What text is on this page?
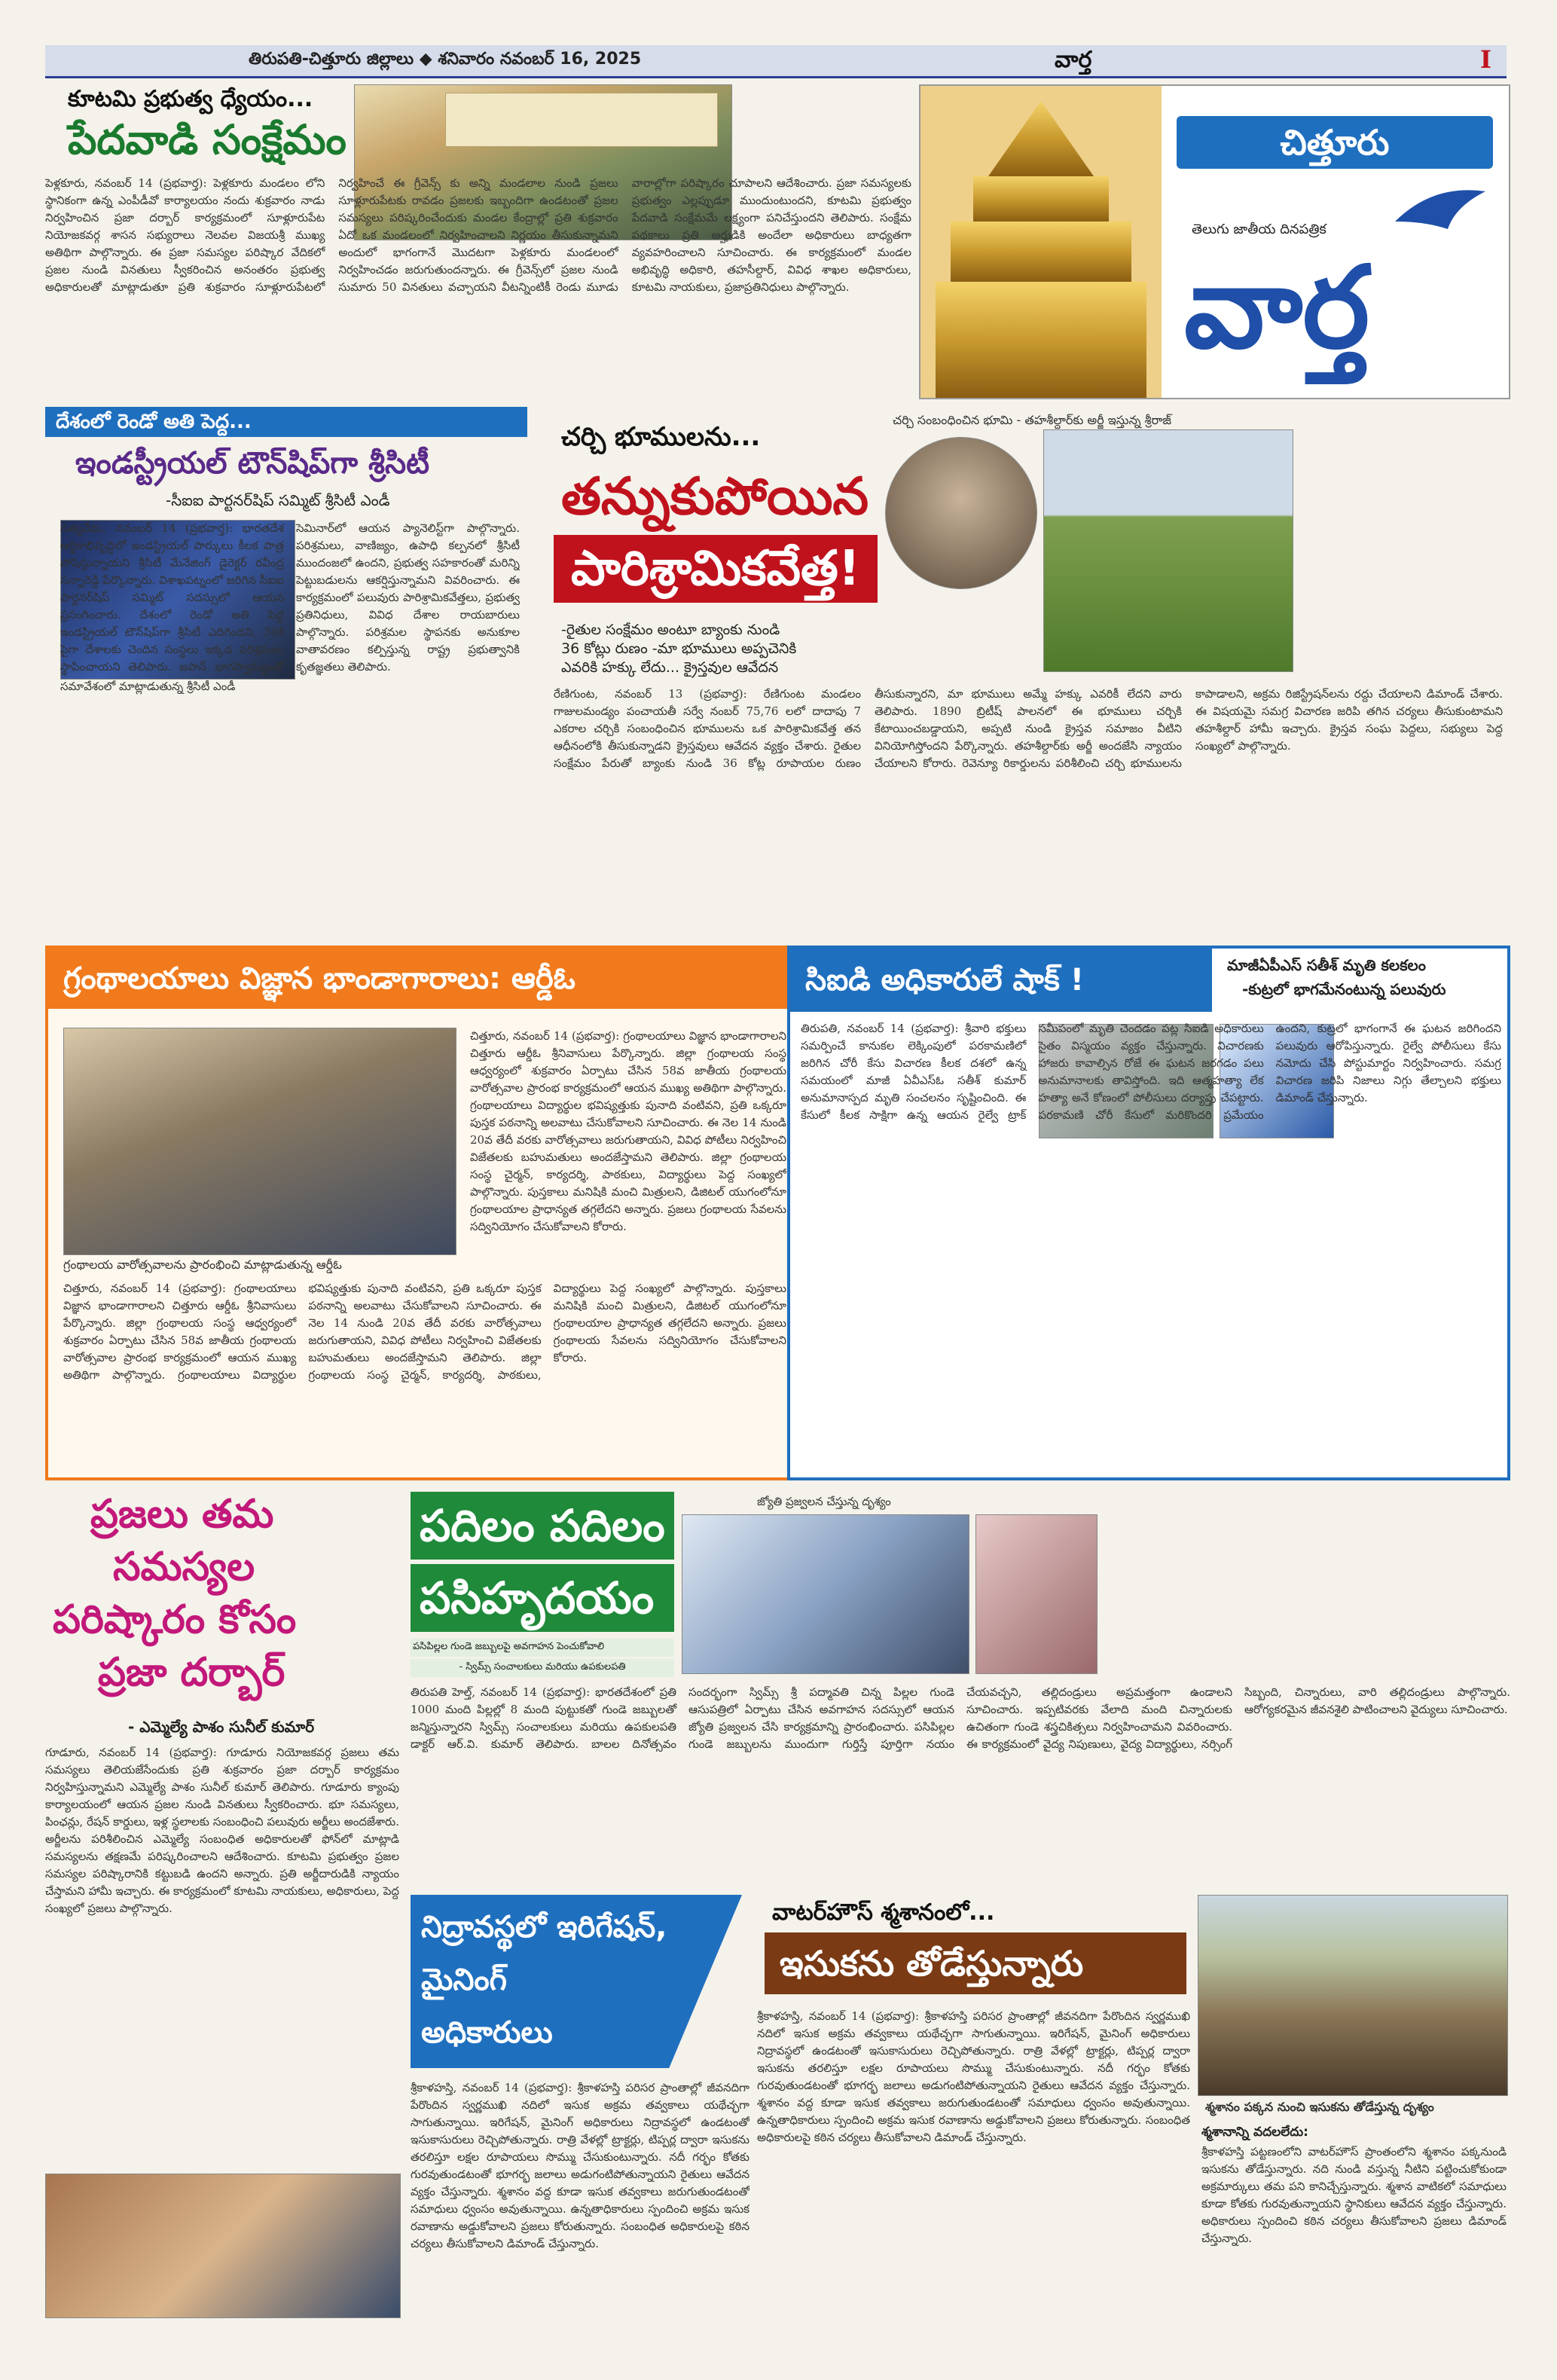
తిరుపతి-చిత్తూరు జిల్లాలు ◆ శనివారం నవంబర్ 16, 2025	వార్త	I
కూటమి ప్రభుత్వ ధ్యేయం...
పేదవాడి సంక్షేమం
పెళ్లకూరు, నవంబర్ 14 (ప్రభవార్త): పెళ్లకూరు మండలం లోని స్థానికంగా ఉన్న ఎంపీడీవో కార్యాలయం నందు శుక్రవారం నాడు నిర్వహించిన ప్రజా దర్బార్ కార్యక్రమంలో సూళ్లూరుపేట నియోజకవర్గ శాసన సభ్యురాలు నెలవల విజయశ్రీ ముఖ్య అతిథిగా పాల్గొన్నారు. ఈ ప్రజా సమస్యల పరిష్కార వేదికలో ప్రజల నుండి వినతులు స్వీకరించిన అనంతరం ప్రభుత్వ అధికారులతో మాట్లాడుతూ ప్రతి శుక్రవారం సూళ్లూరుపేటలో నిర్వహించే ఈ గ్రీవెన్స్ కు అన్ని మండలాల నుండి ప్రజలు సూళ్లూరుపేటకు రావడం ప్రజలకు ఇబ్బందిగా ఉండటంతో ప్రజల సమస్యలు పరిష్కరించేందుకు మండల కేంద్రాల్లో ప్రతి శుక్రవారం ఏదో ఒక మండలంలో నిర్వహించాలని నిర్ణయం తీసుకున్నామని అందులో భాగంగానే మొదటగా పెళ్లకూరు మండలంలో నిర్వహించడం జరుగుతుందన్నారు. ఈ గ్రీవెన్స్‌లో ప్రజల నుండి సుమారు 50 వినతులు వచ్చాయని వీటన్నింటికీ రెండు మూడు వారాల్లోగా పరిష్కారం చూపాలని ఆదేశించారు. ప్రజా సమస్యలకు ప్రభుత్వం ఎల్లప్పుడూ ముందుంటుందని, కూటమి ప్రభుత్వం పేదవాడి సంక్షేమమే లక్ష్యంగా పనిచేస్తుందని తెలిపారు. సంక్షేమ పథకాలు ప్రతి అర్హుడికి అందేలా అధికారులు బాధ్యతగా వ్యవహరించాలని సూచించారు. ఈ కార్యక్రమంలో మండల అభివృద్ధి అధికారి, తహసీల్దార్, వివిధ శాఖల అధికారులు, కూటమి నాయకులు, ప్రజాప్రతినిధులు పాల్గొన్నారు.
చిత్తూరు
తెలుగు జాతీయ దినపత్రిక
వార్త
దేశంలో రెండో అతి పెద్ద...
ఇండస్ట్రీయల్ టౌన్‌షిప్‌గా శ్రీసిటీ
-సీఐఐ పార్టనర్‌షిప్ సమ్మిట్ శ్రీసిటీ ఎండీ
సమావేశంలో మాట్లాడుతున్న శ్రీసిటీ ఎండీ
సత్యవేడు, నవంబర్ 14 (ప్రభవార్త): భారతదేశ ఆర్థికాభివృద్ధిలో ఇండస్ట్రియల్ పార్కులు కీలక పాత్ర పోషిస్తున్నాయని శ్రీసిటీ మేనేజింగ్ డైరెక్టర్ రవీంద్ర సన్నారెడ్డి పేర్కొన్నారు. విశాఖపట్నంలో జరిగిన సీఐఐ పార్టనర్‌షిప్ సమ్మిట్ సదస్సులో ఆయన ప్రసంగించారు. దేశంలో రెండో అతి పెద్ద ఇండస్ట్రియల్ టౌన్‌షిప్‌గా శ్రీసిటీ ఎదిగిందని, 30కి పైగా దేశాలకు చెందిన సంస్థలు ఇక్కడ పరిశ్రమలు స్థాపించాయని తెలిపారు. జపాన్ భాగస్వామ్యంతో సెమినార్‌లో ఆయన ప్యానెలిస్ట్‌గా పాల్గొన్నారు. పరిశ్రమలు, వాణిజ్యం, ఉపాధి కల్పనలో శ్రీసిటీ ముందంజలో ఉందని, ప్రభుత్వ సహకారంతో మరిన్ని పెట్టుబడులను ఆకర్షిస్తున్నామని వివరించారు. ఈ కార్యక్రమంలో పలువురు పారిశ్రామికవేత్తలు, ప్రభుత్వ ప్రతినిధులు, వివిధ దేశాల రాయబారులు పాల్గొన్నారు. పరిశ్రమల స్థాపనకు అనుకూల వాతావరణం కల్పిస్తున్న రాష్ట్ర ప్రభుత్వానికి కృతజ్ఞతలు తెలిపారు.
చర్చి భూములను...
తన్నుకుపోయిన
పారిశ్రామికవేత్త!
-రైతుల సంక్షేమం అంటూ బ్యాంకు నుండి
36 కోట్లు రుణం -మా భూములు అప్పచెనికి
ఎవరికి హక్కు లేదు... క్రైస్తవుల ఆవేదన
చర్చి సంబంధించిన భూమి - తహశీల్దార్‌కు అర్జీ ఇస్తున్న శ్రీరాజ్
రేణిగుంట, నవంబర్ 13 (ప్రభవార్త): రేణిగుంట మండలం గాజులమండ్యం పంచాయతీ సర్వే నంబర్ 75,76 లలో దాదాపు 7 ఎకరాల చర్చికి సంబంధించిన భూములను ఒక పారిశ్రామికవేత్త తన ఆధీనంలోకి తీసుకున్నాడని క్రైస్తవులు ఆవేదన వ్యక్తం చేశారు. రైతుల సంక్షేమం పేరుతో బ్యాంకు నుండి 36 కోట్ల రూపాయల రుణం తీసుకున్నారని, మా భూములు అమ్మే హక్కు ఎవరికీ లేదని వారు తెలిపారు. 1890 బ్రిటీష్ పాలనలో ఈ భూములు చర్చికి కేటాయించబడ్డాయని, అప్పటి నుండి క్రైస్తవ సమాజం వీటిని వినియోగిస్తోందని పేర్కొన్నారు. తహశీల్దార్‌కు అర్జీ అందజేసి న్యాయం చేయాలని కోరారు. రెవెన్యూ రికార్డులను పరిశీలించి చర్చి భూములను కాపాడాలని, అక్రమ రిజిస్ట్రేషన్‌లను రద్దు చేయాలని డిమాండ్ చేశారు. ఈ విషయమై సమగ్ర విచారణ జరిపి తగిన చర్యలు తీసుకుంటామని తహశీల్దార్ హామీ ఇచ్చారు. క్రైస్తవ సంఘ పెద్దలు, సభ్యులు పెద్ద సంఖ్యలో పాల్గొన్నారు.
గ్రంథాలయాలు విజ్ఞాన భాండాగారాలు: ఆర్డీఓ
గ్రంథాలయ వారోత్సవాలను ప్రారంభించి మాట్లాడుతున్న ఆర్డీఓ
చిత్తూరు, నవంబర్ 14 (ప్రభవార్త): గ్రంథాలయాలు విజ్ఞాన భాండాగారాలని చిత్తూరు ఆర్డీఓ శ్రీనివాసులు పేర్కొన్నారు. జిల్లా గ్రంథాలయ సంస్థ ఆధ్వర్యంలో శుక్రవారం ఏర్పాటు చేసిన 58వ జాతీయ గ్రంథాలయ వారోత్సవాల ప్రారంభ కార్యక్రమంలో ఆయన ముఖ్య అతిథిగా పాల్గొన్నారు. గ్రంథాలయాలు విద్యార్థుల భవిష్యత్తుకు పునాది వంటివని, ప్రతి ఒక్కరూ పుస్తక పఠనాన్ని అలవాటు చేసుకోవాలని సూచించారు. ఈ నెల 14 నుండి 20వ తేదీ వరకు వారోత్సవాలు జరుగుతాయని, వివిధ పోటీలు నిర్వహించి విజేతలకు బహుమతులు అందజేస్తామని తెలిపారు. జిల్లా గ్రంథాలయ సంస్థ చైర్మన్, కార్యదర్శి, పాఠకులు, విద్యార్థులు పెద్ద సంఖ్యలో పాల్గొన్నారు. పుస్తకాలు మనిషికి మంచి మిత్రులని, డిజిటల్ యుగంలోనూ గ్రంథాలయాల ప్రాధాన్యత తగ్గలేదని అన్నారు. ప్రజలు గ్రంథాలయ సేవలను సద్వినియోగం చేసుకోవాలని కోరారు.
చిత్తూరు, నవంబర్ 14 (ప్రభవార్త): గ్రంథాలయాలు విజ్ఞాన భాండాగారాలని చిత్తూరు ఆర్డీఓ శ్రీనివాసులు పేర్కొన్నారు. జిల్లా గ్రంథాలయ సంస్థ ఆధ్వర్యంలో శుక్రవారం ఏర్పాటు చేసిన 58వ జాతీయ గ్రంథాలయ వారోత్సవాల ప్రారంభ కార్యక్రమంలో ఆయన ముఖ్య అతిథిగా పాల్గొన్నారు. గ్రంథాలయాలు విద్యార్థుల భవిష్యత్తుకు పునాది వంటివని, ప్రతి ఒక్కరూ పుస్తక పఠనాన్ని అలవాటు చేసుకోవాలని సూచించారు. ఈ నెల 14 నుండి 20వ తేదీ వరకు వారోత్సవాలు జరుగుతాయని, వివిధ పోటీలు నిర్వహించి విజేతలకు బహుమతులు అందజేస్తామని తెలిపారు. జిల్లా గ్రంథాలయ సంస్థ చైర్మన్, కార్యదర్శి, పాఠకులు, విద్యార్థులు పెద్ద సంఖ్యలో పాల్గొన్నారు. పుస్తకాలు మనిషికి మంచి మిత్రులని, డిజిటల్ యుగంలోనూ గ్రంథాలయాల ప్రాధాన్యత తగ్గలేదని అన్నారు. ప్రజలు గ్రంథాలయ సేవలను సద్వినియోగం చేసుకోవాలని కోరారు.
సిఐడి అధికారులే షాక్ !	మాజీఏపీఎస్ సతీశ్ మృతి కలకలం
-కుట్రలో భాగమేనంటున్న పలువురు
తిరుపతి, నవంబర్ 14 (ప్రభవార్త): శ్రీవారి భక్తులు సమర్పించే కానుకల లెక్కింపులో పరకామణిలో జరిగిన చోరీ కేసు విచారణ కీలక దశలో ఉన్న సమయంలో మాజీ ఏవీఎస్‌ఓ సతీశ్ కుమార్ అనుమానాస్పద మృతి సంచలనం సృష్టించింది. ఈ కేసులో కీలక సాక్షిగా ఉన్న ఆయన రైల్వే ట్రాక్ సమీపంలో మృతి చెందడం పట్ల సిఐడి అధికారులు సైతం విస్మయం వ్యక్తం చేస్తున్నారు. విచారణకు హాజరు కావాల్సిన రోజే ఈ ఘటన జరగడం పలు అనుమానాలకు తావిస్తోంది. ఇది ఆత్మహత్యా లేక హత్యా అనే కోణంలో పోలీసులు దర్యాప్తు చేపట్టారు. పరకామణి చోరీ కేసులో మరికొందరి ప్రమేయం ఉందని, కుట్రలో భాగంగానే ఈ ఘటన జరిగిందని పలువురు ఆరోపిస్తున్నారు. రైల్వే పోలీసులు కేసు నమోదు చేసి పోస్టుమార్టం నిర్వహించారు. సమగ్ర విచారణ జరిపి నిజాలు నిగ్గు తేల్చాలని భక్తులు డిమాండ్ చేస్తున్నారు.
ప్రజలు తమ
సమస్యల
పరిష్కారం కోసం
ప్రజా దర్బార్
- ఎమ్మెల్యే పాశం సునీల్ కుమార్
గూడూరు, నవంబర్ 14 (ప్రభవార్త): గూడూరు నియోజకవర్గ ప్రజలు తమ సమస్యలు తెలియజేసేందుకు ప్రతి శుక్రవారం ప్రజా దర్బార్ కార్యక్రమం నిర్వహిస్తున్నామని ఎమ్మెల్యే పాశం సునీల్ కుమార్ తెలిపారు. గూడూరు క్యాంపు కార్యాలయంలో ఆయన ప్రజల నుండి వినతులు స్వీకరించారు. భూ సమస్యలు, పింఛన్లు, రేషన్ కార్డులు, ఇళ్ల స్థలాలకు సంబంధించి పలువురు అర్జీలు అందజేశారు. అర్జీలను పరిశీలించిన ఎమ్మెల్యే సంబంధిత అధికారులతో ఫోన్‌లో మాట్లాడి సమస్యలను తక్షణమే పరిష్కరించాలని ఆదేశించారు. కూటమి ప్రభుత్వం ప్రజల సమస్యల పరిష్కారానికి కట్టుబడి ఉందని అన్నారు. ప్రతి అర్జీదారుడికి న్యాయం చేస్తామని హామీ ఇచ్చారు. ఈ కార్యక్రమంలో కూటమి నాయకులు, అధికారులు, పెద్ద సంఖ్యలో ప్రజలు పాల్గొన్నారు.
పదిలం పదిలం
పసిహృదయం
పసిపిల్లల గుండె జబ్బులపై అవగాహన పెంచుకోవాలి
- స్విమ్స్ సంచాలకులు మరియు ఉపకులపతి
జ్యోతి ప్రజ్వలన చేస్తున్న దృశ్యం
తిరుపతి హెల్త్, నవంబర్ 14 (ప్రభవార్త): భారతదేశంలో ప్రతి 1000 మంది పిల్లల్లో 8 మంది పుట్టుకతో గుండె జబ్బులతో జన్మిస్తున్నారని స్విమ్స్ సంచాలకులు మరియు ఉపకులపతి డాక్టర్ ఆర్.వి. కుమార్ తెలిపారు. బాలల దినోత్సవం సందర్భంగా స్విమ్స్ శ్రీ పద్మావతి చిన్న పిల్లల గుండె ఆసుపత్రిలో ఏర్పాటు చేసిన అవగాహన సదస్సులో ఆయన జ్యోతి ప్రజ్వలన చేసి కార్యక్రమాన్ని ప్రారంభించారు. పసిపిల్లల గుండె జబ్బులను ముందుగా గుర్తిస్తే పూర్తిగా నయం చేయవచ్చని, తల్లిదండ్రులు అప్రమత్తంగా ఉండాలని సూచించారు. ఇప్పటివరకు వేలాది మంది చిన్నారులకు ఉచితంగా గుండె శస్త్రచికిత్సలు నిర్వహించామని వివరించారు. ఈ కార్యక్రమంలో వైద్య నిపుణులు, వైద్య విద్యార్థులు, నర్సింగ్ సిబ్బంది, చిన్నారులు, వారి తల్లిదండ్రులు పాల్గొన్నారు. ఆరోగ్యకరమైన జీవనశైలి పాటించాలని వైద్యులు సూచించారు.
నిద్రావస్థలో ఇరిగేషన్,
మైనింగ్
అధికారులు
శ్రీకాళహస్తి, నవంబర్ 14 (ప్రభవార్త): శ్రీకాళహస్తి పరిసర ప్రాంతాల్లో జీవనదిగా పేరొందిన స్వర్ణముఖి నదిలో ఇసుక అక్రమ తవ్వకాలు యథేచ్ఛగా సాగుతున్నాయి. ఇరిగేషన్, మైనింగ్ అధికారులు నిద్రావస్థలో ఉండటంతో ఇసుకాసురులు రెచ్చిపోతున్నారు. రాత్రి వేళల్లో ట్రాక్టర్లు, టిప్పర్ల ద్వారా ఇసుకను తరలిస్తూ లక్షల రూపాయలు సొమ్ము చేసుకుంటున్నారు. నదీ గర్భం కోతకు గురవుతుండటంతో భూగర్భ జలాలు అడుగంటిపోతున్నాయని రైతులు ఆవేదన వ్యక్తం చేస్తున్నారు. శ్మశానం వద్ద కూడా ఇసుక తవ్వకాలు జరుగుతుండటంతో సమాధులు ధ్వంసం అవుతున్నాయి. ఉన్నతాధికారులు స్పందించి అక్రమ ఇసుక రవాణాను అడ్డుకోవాలని ప్రజలు కోరుతున్నారు. సంబంధిత అధికారులపై కఠిన చర్యలు తీసుకోవాలని డిమాండ్ చేస్తున్నారు.
వాటర్‌హౌస్ శ్మశానంలో...
ఇసుకను తోడేస్తున్నారు
శ్మశానం పక్కన నుంచి ఇసుకను తోడేస్తున్న దృశ్యం
శ్మశానాన్ని వదలలేదు:
శ్రీకాళహస్తి పట్టణంలోని వాటర్‌హౌస్ ప్రాంతంలోని శ్మశానం పక్కనుండి ఇసుకను తోడేస్తున్నారు. నది నుండి వస్తున్న నీటిని పట్టించుకోకుండా అక్రమార్కులు తమ పని కానిచ్చేస్తున్నారు. శ్మశాన వాటికలో సమాధులు కూడా కోతకు గురవుతున్నాయని స్థానికులు ఆవేదన వ్యక్తం చేస్తున్నారు. అధికారులు స్పందించి కఠిన చర్యలు తీసుకోవాలని ప్రజలు డిమాండ్ చేస్తున్నారు.
శ్రీకాళహస్తి, నవంబర్ 14 (ప్రభవార్త): శ్రీకాళహస్తి పరిసర ప్రాంతాల్లో జీవనదిగా పేరొందిన స్వర్ణముఖి నదిలో ఇసుక అక్రమ తవ్వకాలు యథేచ్ఛగా సాగుతున్నాయి. ఇరిగేషన్, మైనింగ్ అధికారులు నిద్రావస్థలో ఉండటంతో ఇసుకాసురులు రెచ్చిపోతున్నారు. రాత్రి వేళల్లో ట్రాక్టర్లు, టిప్పర్ల ద్వారా ఇసుకను తరలిస్తూ లక్షల రూపాయలు సొమ్ము చేసుకుంటున్నారు. నదీ గర్భం కోతకు గురవుతుండటంతో భూగర్భ జలాలు అడుగంటిపోతున్నాయని రైతులు ఆవేదన వ్యక్తం చేస్తున్నారు. శ్మశానం వద్ద కూడా ఇసుక తవ్వకాలు జరుగుతుండటంతో సమాధులు ధ్వంసం అవుతున్నాయి. ఉన్నతాధికారులు స్పందించి అక్రమ ఇసుక రవాణాను అడ్డుకోవాలని ప్రజలు కోరుతున్నారు. సంబంధిత అధికారులపై కఠిన చర్యలు తీసుకోవాలని డిమాండ్ చేస్తున్నారు.
